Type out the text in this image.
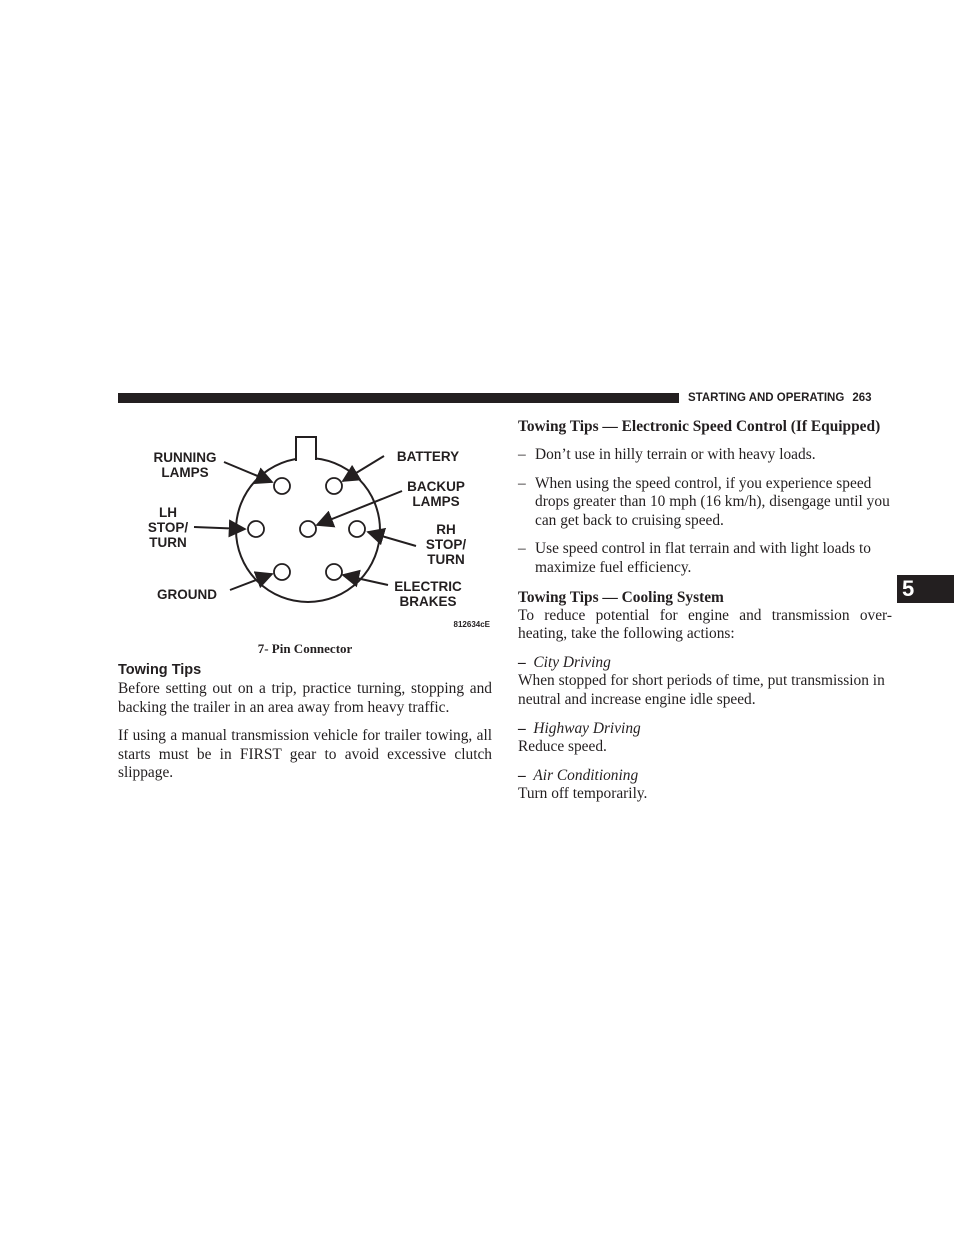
STARTING AND OPERATING 263
5
RUNNING
LAMPS
BATTERY
BACKUP
LAMPS
LH
STOP/
TURN
RH
STOP/
TURN
GROUND
ELECTRIC
BRAKES
812634cE
7- Pin Connector
Towing Tips

Before setting out on a trip, practice turning, stopping and backing the trailer in an area away from heavy traffic.

If using a manual transmission vehicle for trailer towing, all starts must be in FIRST gear to avoid excessive clutch slippage.

Towing Tips — Electronic Speed Control (If Equipped)
– Don’t use in hilly terrain or with heavy loads.
– When using the speed control, if you experience speed drops greater than 10 mph (16 km/h), disengage until you can get back to cruising speed.
– Use speed control in flat terrain and with light loads to maximize fuel efficiency.
Towing Tips — Cooling System

To reduce potential for engine and transmission over-heating, take the following actions:

– City Driving

When stopped for short periods of time, put transmission in neutral and increase engine idle speed.

– Highway Driving

Reduce speed.

– Air Conditioning

Turn off temporarily.
